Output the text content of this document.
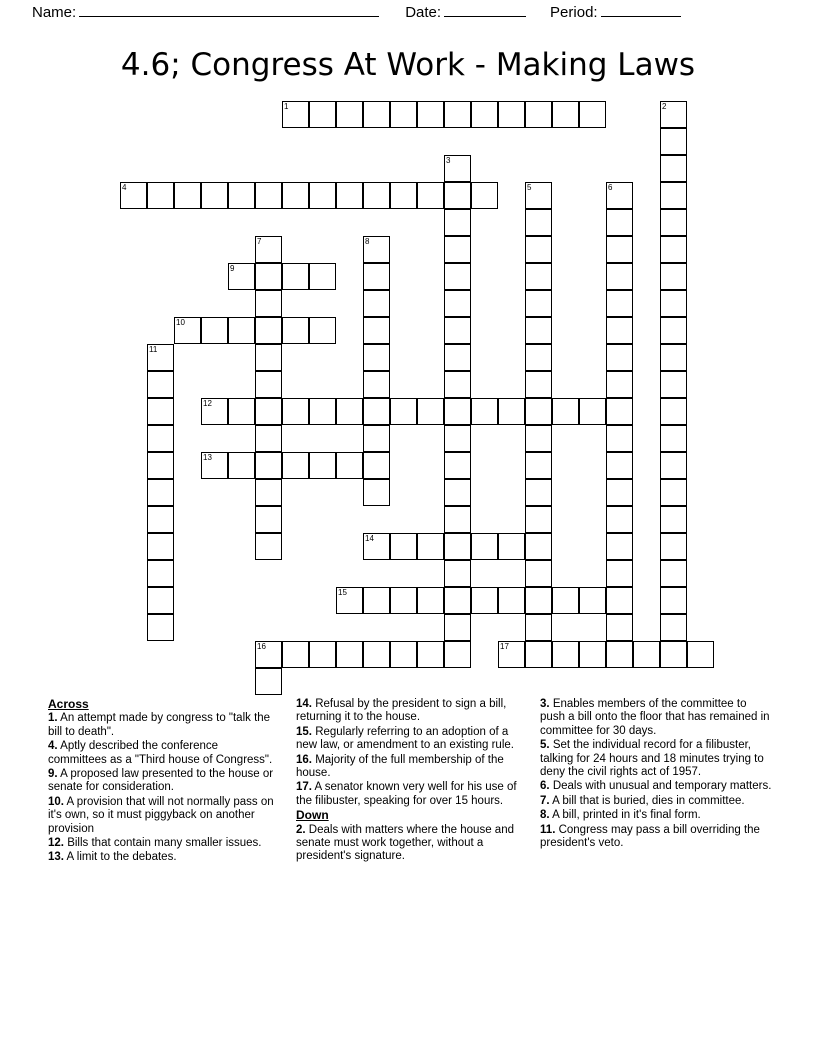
Name:	Date:	Period:
4.6; Congress At Work - Making Laws
1	2
3
4	5	6
7	8
9
10
11
12
13
14
15
16	17
Across
1. An attempt made by congress to "talk the bill to death".
4. Aptly described the conference committees as a "Third house of Congress".
9. A proposed law presented to the house or senate for consideration.
10. A provision that will not normally pass on it's own, so it must piggyback on another provision
12. Bills that contain many smaller issues.
13. A limit to the debates.
14. Refusal by the president to sign a bill, returning it to the house.
15. Regularly referring to an adoption of a new law, or amendment to an existing rule.
16. Majority of the full membership of the house.
17. A senator known very well for his use of the filibuster, speaking for over 15 hours.
Down
2. Deals with matters where the house and senate must work together, without a president's signature.
3. Enables members of the committee to push a bill onto the floor that has remained in committee for 30 days.
5. Set the individual record for a filibuster, talking for 24 hours and 18 minutes trying to deny the civil rights act of 1957.
6. Deals with unusual and temporary matters.
7. A bill that is buried, dies in committee.
8. A bill, printed in it's final form.
11. Congress may pass a bill overriding the president's veto.
